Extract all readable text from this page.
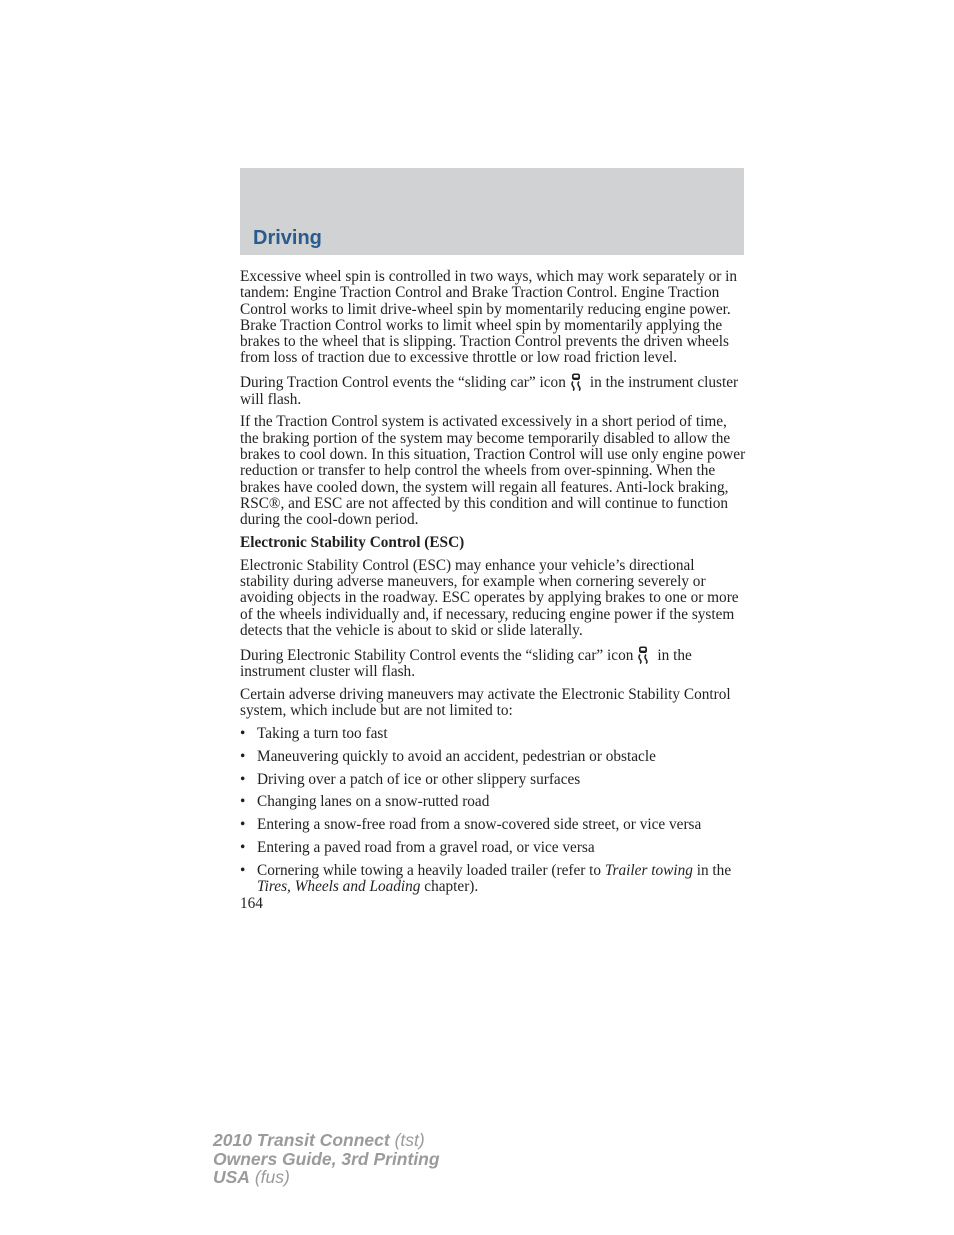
Driving

Excessive wheel spin is controlled in two ways, which may work separately or in tandem: Engine Traction Control and Brake Traction Control. Engine Traction Control works to limit drive-wheel spin by momentarily reducing engine power. Brake Traction Control works to limit wheel spin by momentarily applying the brakes to the wheel that is slipping. Traction Control prevents the driven wheels from loss of traction due to excessive throttle or low road friction level.

During Traction Control events the “sliding car” icon in the instrument cluster will flash.

If the Traction Control system is activated excessively in a short period of time, the braking portion of the system may become temporarily disabled to allow the brakes to cool down. In this situation, Traction Control will use only engine power reduction or transfer to help control the wheels from over-spinning. When the brakes have cooled down, the system will regain all features. Anti-lock braking, RSC®, and ESC are not affected by this condition and will continue to function during the cool-down period.

Electronic Stability Control (ESC)

Electronic Stability Control (ESC) may enhance your vehicle’s directional stability during adverse maneuvers, for example when cornering severely or avoiding objects in the roadway. ESC operates by applying brakes to one or more of the wheels individually and, if necessary, reducing engine power if the system detects that the vehicle is about to skid or slide laterally.

During Electronic Stability Control events the “sliding car” icon in the instrument cluster will flash.

Certain adverse driving maneuvers may activate the Electronic Stability Control system, which include but are not limited to:

• Taking a turn too fast
• Maneuvering quickly to avoid an accident, pedestrian or obstacle
• Driving over a patch of ice or other slippery surfaces
• Changing lanes on a snow-rutted road
• Entering a snow-free road from a snow-covered side street, or vice versa
• Entering a paved road from a gravel road, or vice versa
• Cornering while towing a heavily loaded trailer (refer to Trailer towing in the Tires, Wheels and Loading chapter).
164
2010 Transit Connect (tst)
Owners Guide, 3rd Printing
USA (fus)
